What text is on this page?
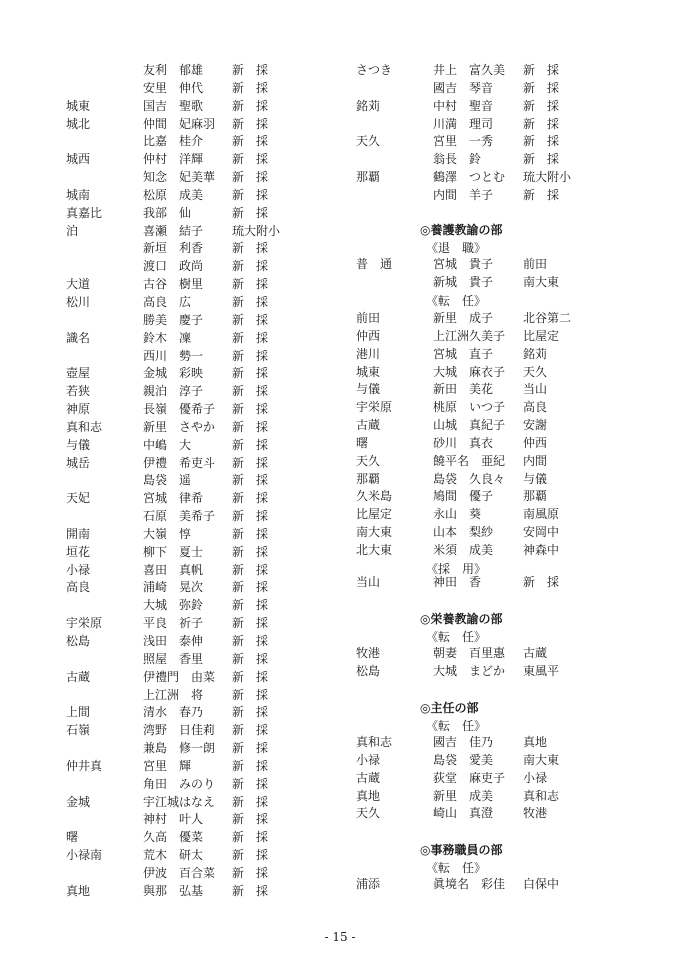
友利　郁雄 新　採
安里　伸代 新　採
城東	国吉　聖歌 新　採
城北	仲間　妃麻羽 新　採
比嘉　桂介 新　採
城西	仲村　洋輝 新　採
知念　妃美華 新　採
城南	松原　成美 新　採
真嘉比	我部　仙	新　採
泊	喜瀬　結子 琉大附小
新垣　利香 新　採
渡口　政尚 新　採
大道	古谷　樹里 新　採
松川	高良　広	新　採
勝美　慶子 新　採
識名	鈴木　凜	新　採
西川　勢一 新　採
壺屋	金城　彩映 新　採
若狭	親泊　淳子 新　採
神原	長嶺　優希子 新　採
真和志	新里　さやか 新　採
与儀	中嶋　大	新　採
城岳	伊禮　希吏斗 新　採
島袋　遥	新　採
天妃	宮城　律希 新　採
石原　美希子 新　採
開南	大嶺　惇	新　採
垣花	柳下　夏士 新　採
小禄	喜田　真帆 新　採
高良	浦崎　晃次 新　採
大城　弥鈴 新　採
宇栄原	平良　祈子 新　採
松島	浅田　泰伸 新　採
照屋　香里 新　採
古蔵	伊禮門　由菜 新　採
上江洲　将 新　採
上間	清水　春乃 新　採
石嶺	湾野　日佳莉 新　採
兼島　修一朗 新　採
仲井真	宮里　輝	新　採
角田　みのり 新　採
金城	宇江城はなえ 新　採
神村　叶人 新　採
曙	久高　優菜 新　採
小禄南	荒木　研太 新　採
伊波　百合菜 新　採
真地	與那　弘基 新　採
さつき	井上　富久美 新　採
國吉　琴音 新　採
銘苅	中村　聖音 新　採
川満　理司 新　採
天久	宮里　一秀 新　採
翁長　鈴	新　採
那覇	鶴澤　つとむ 琉大附小
内間　羊子 新　採
◎養護教諭の部
《退　職》
普　通	宮城　貴子 前田
新城　貴子 南大東
《転　任》
前田	新里　成子 北谷第二
仲西	上江洲久美子 比屋定
港川	宮城　直子 銘苅
城東	大城　麻衣子 天久
与儀	新田　美花 当山
宇栄原	桃原　いつ子 高良
古蔵	山城　真紀子 安謝
曙	砂川　真衣 仲西
天久	饒平名　亜紀 内間
那覇	島袋　久良々 与儀
久米島	鳩間　優子 那覇
比屋定	永山　葵	南風原
南大東	山本　梨紗 安岡中
北大東	米須　成美 神森中
《採　用》
当山	神田　香	新　採
◎栄養教諭の部
《転　任》
牧港	朝妻　百里惠 古蔵
松島	大城　まどか 東風平
◎主任の部
《転　任》
真和志	國吉　佳乃 真地
小禄	島袋　愛美 南大東
古蔵	荻堂　麻吏子 小禄
真地	新里　成美 真和志
天久	崎山　真澄 牧港
◎事務職員の部
《転　任》
浦添	眞境名　彩佳 白保中
- 15 -
